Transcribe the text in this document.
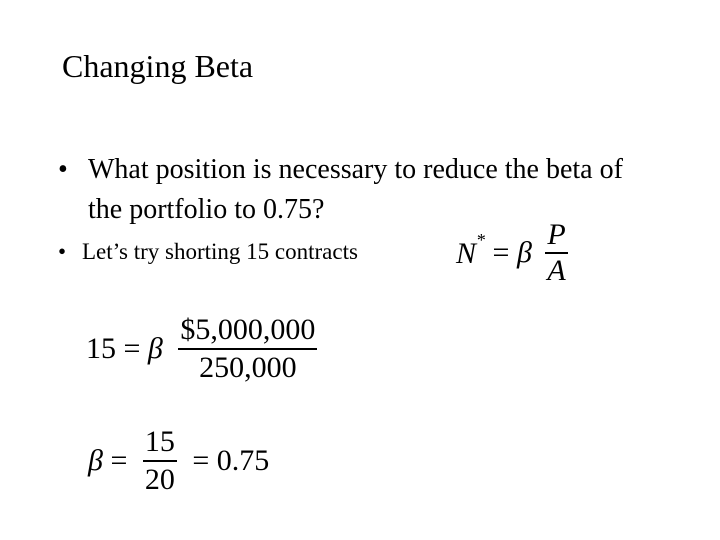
Changing Beta
• What position is necessary to reduce the beta of the portfolio to 0.75?
• Let’s try shorting 15 contracts	N* = β $\frac{P}{A}$
15 = β $\frac{\$5,000,000}{250,000}$
$\beta = \frac{15}{20} = 0.75$
